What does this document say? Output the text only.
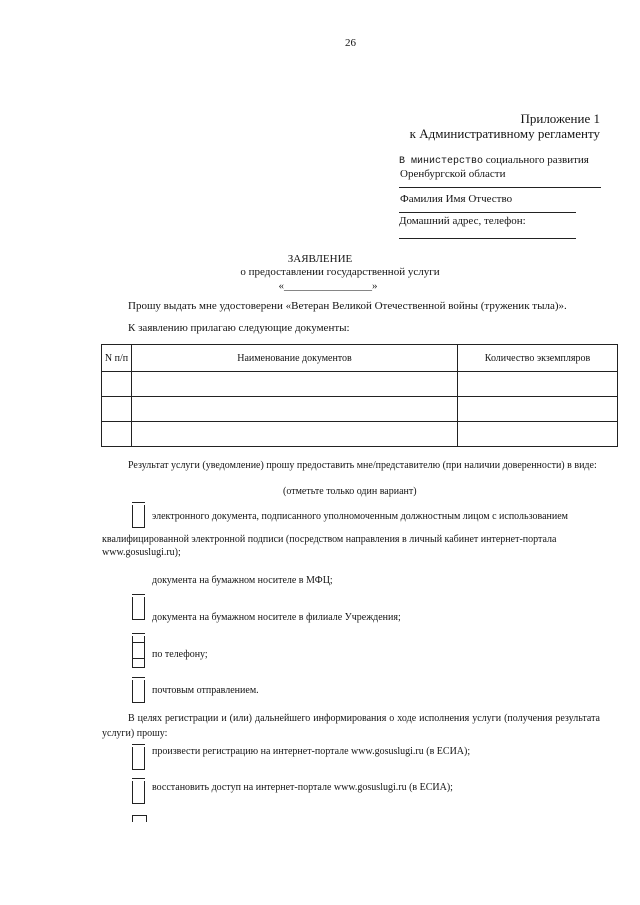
26
Приложение 1
к Административному регламенту
В министерство социального развития
Оренбургской области
Фамилия Имя Отчество
Домашний адрес, телефон:
ЗАЯВЛЕНИЕ
о предоставлении государственной услуги
«________________»
Прошу выдать мне удостоверени «Ветеран Великой Отечественной войны (труженик тыла)».
К заявлению прилагаю следующие документы:
N п/п	Наименование документов	Количество экземпляров

Результат услуги (уведомление) прошу предоставить мне/представителю (при наличии доверенности) в виде:
(отметьте только один вариант)
электронного документа, подписанного уполномоченным должностным лицом с использованием
квалифицированной электронной подписи (посредством направления в личный кабинет интернет-портала
www.gosuslugi.ru);
документа на бумажном носителе в МФЦ;
документа на бумажном носителе в филиале Учреждения;
по телефону;
почтовым отправлением.
В целях регистрации и (или) дальнейшего информирования о ходе исполнения услуги (получения результата услуги) прошу:
произвести регистрацию на интернет-портале www.gosuslugi.ru (в ЕСИА);
восстановить доступ на интернет-портале www.gosuslugi.ru (в ЕСИА);
